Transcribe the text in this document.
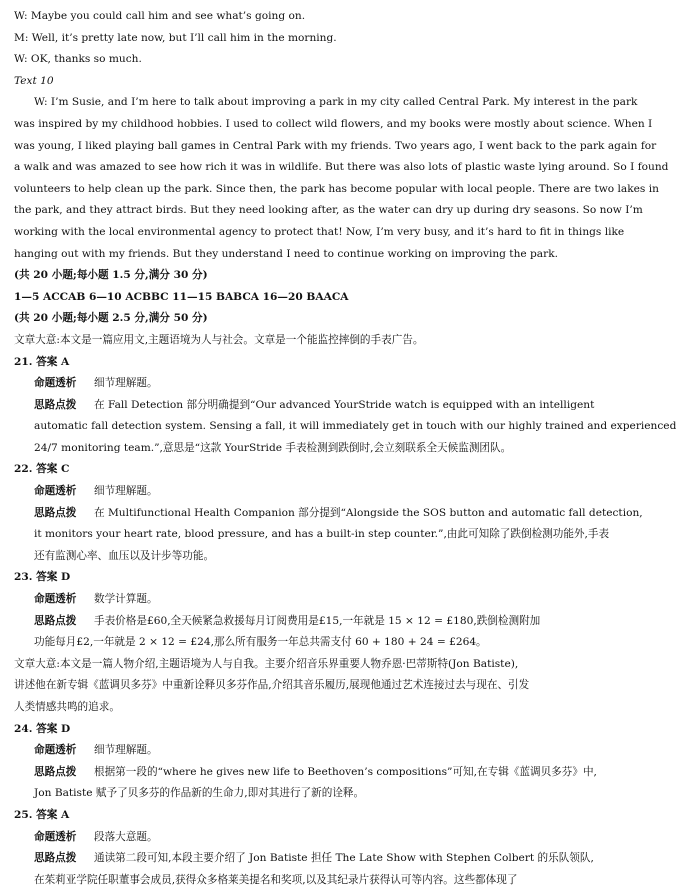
W: Maybe you could call him and see what’s going on.
M: Well, it’s pretty late now, but I’ll call him in the morning.
W: OK, thanks so much.
Text 10
W: I’m Susie, and I’m here to talk about improving a park in my city called Central Park. My interest in the park
was inspired by my childhood hobbies. I used to collect wild flowers, and my books were mostly about science. When I
was young, I liked playing ball games in Central Park with my friends. Two years ago, I went back to the park again for
a walk and was amazed to see how rich it was in wildlife. But there was also lots of plastic waste lying around. So I found
volunteers to help clean up the park. Since then, the park has become popular with local people. There are two lakes in
the park, and they attract birds. But they need looking after, as the water can dry up during dry seasons. So now I’m
working with the local environmental agency to protect that! Now, I’m very busy, and it’s hard to fit in things like
hanging out with my friends. But they understand I need to continue working on improving the park.
(共 20 小题;每小题 1.5 分,满分 30 分)
1—5 ACCAB 6—10 ACBBC 11—15 BABCA 16—20 BAACA
(共 20 小题;每小题 2.5 分,满分 50 分)
文章大意:本文是一篇应用文,主题语境为人与社会。文章是一个能监控摔倒的手表广告。
21. 答案 A
命题透析 细节理解题。
思路点拨 在 Fall Detection 部分明确提到“Our advanced YourStride watch is equipped with an intelligent
automatic fall detection system. Sensing a fall, it will immediately get in touch with our highly trained and experienced
24/7 monitoring team.”,意思是“这款 YourStride 手表检测到跌倒时,会立刻联系全天候监测团队。
22. 答案 C
命题透析 细节理解题。
思路点拨 在 Multifunctional Health Companion 部分提到“Alongside the SOS button and automatic fall detection,
it monitors your heart rate, blood pressure, and has a built-in step counter.”,由此可知除了跌倒检测功能外,手表
还有监测心率、血压以及计步等功能。
23. 答案 D
命题透析 数学计算题。
思路点拨 手表价格是£60,全天候紧急救援每月订阅费用是£15,一年就是 15 × 12 = £180,跌倒检测附加
功能每月£2,一年就是 2 × 12 = £24,那么所有服务一年总共需支付 60 + 180 + 24 = £264。
文章大意:本文是一篇人物介绍,主题语境为人与自我。主要介绍音乐界重要人物乔恩·巴蒂斯特(Jon Batiste),
讲述他在新专辑《蓝调贝多芬》中重新诠释贝多芬作品,介绍其音乐履历,展现他通过艺术连接过去与现在、引发
人类情感共鸣的追求。
24. 答案 D
命题透析 细节理解题。
思路点拨 根据第一段的“where he gives new life to Beethoven’s compositions”可知,在专辑《蓝调贝多芬》中,
Jon Batiste 赋予了贝多芬的作品新的生命力,即对其进行了新的诠释。
25. 答案 A
命题透析 段落大意题。
思路点拨 通读第二段可知,本段主要介绍了 Jon Batiste 担任 The Late Show with Stephen Colbert 的乐队领队,
在茱莉亚学院任职董事会成员,获得众多格莱美提名和奖项,以及其纪录片获得认可等内容。这些都体现了
